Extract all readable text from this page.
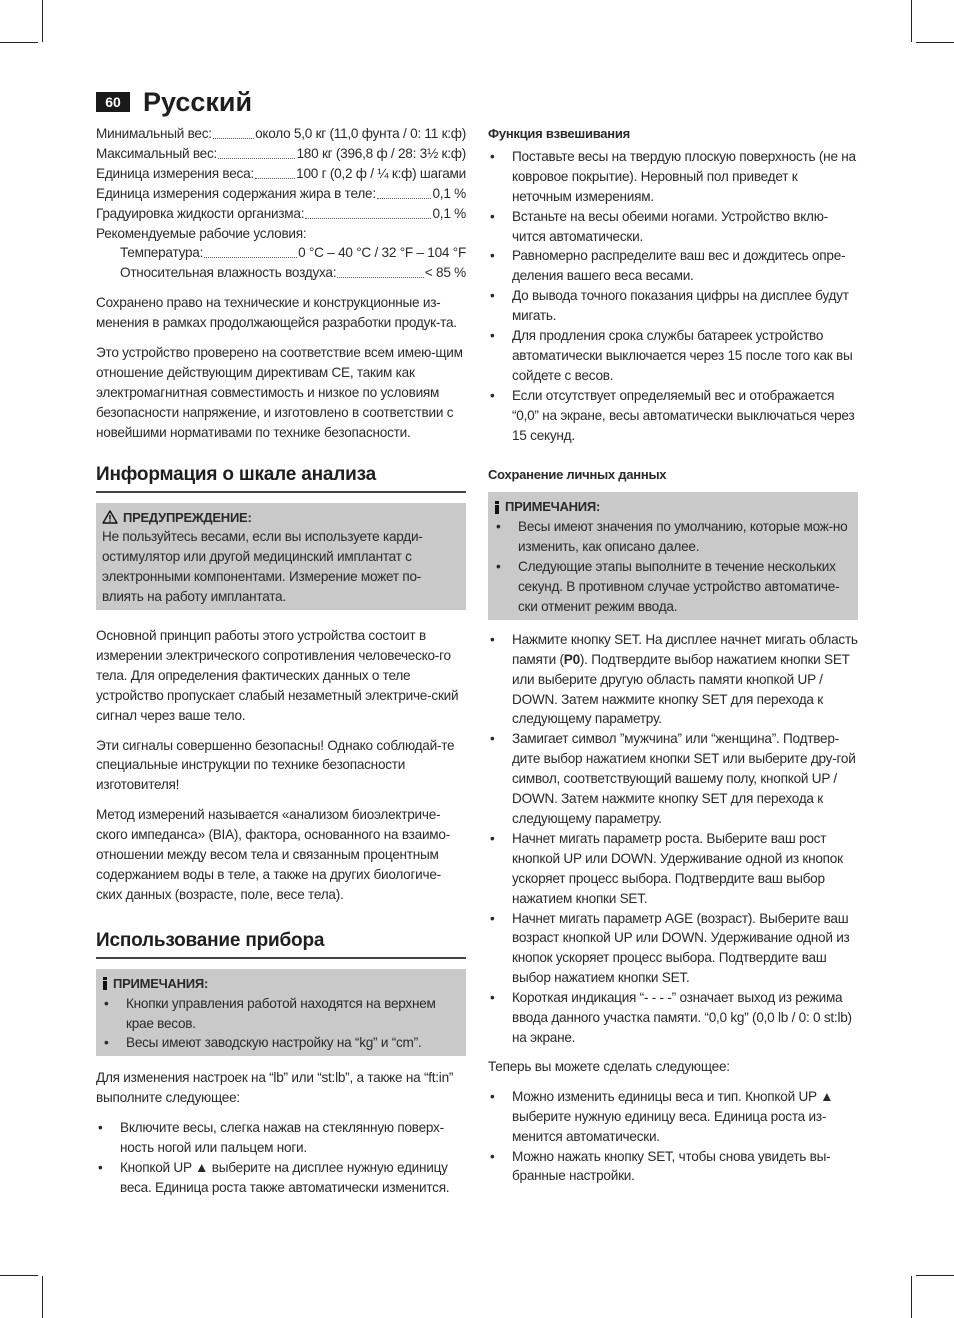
60 Русский
Минимальный вес:	около 5,0 кг (11,0 фунта / 0: 11 к:ф)
Максимальный вес:	180 кг (396,8 ф / 28: 3½ к:ф)
Единица измерения веса:	100 г (0,2 ф / ¼ к:ф) шагами
Единица измерения содержания жира в теле:	0,1 %
Градуировка жидкости организма:	0,1 %
Рекомендуемые рабочие условия:
Температура:	0 °C – 40 °C / 32 °F – 104 °F
Относительная влажность воздуха:	< 85 %

Сохранено право на технические и конструкционные из-менения в рамках продолжающейся разработки продук-та.

Это устройство проверено на соответствие всем имею-щим отношение действующим директивам CE, таким как электромагнитная совместимость и низкое по условиям безопасности напряжение, и изготовлено в соответствии с новейшими нормативами по технике безопасности.

Информация о шкале анализа
ПРЕДУПРЕЖДЕНИЕ:
Не пользуйтесь весами, если вы используете карди-остимулятор или другой медицинский имплантат с электронными компонентами. Измерение может по-влиять на работу имплантата.

Основной принцип работы этого устройства состоит в измерении электрического сопротивления человеческо-го тела. Для определения фактических данных о теле устройство пропускает слабый незаметный электриче-ский сигнал через ваше тело.

Эти сигналы совершенно безопасны! Однако соблюдай-те специальные инструкции по технике безопасности изготовителя!

Метод измерений называется «анализом биоэлектриче-ского импеданса» (BIA), фактора, основанного на взаимо-отношении между весом тела и связанным процентным содержанием воды в теле, а также на других биологиче-ских данных (возрасте, поле, весе тела).

Использование прибора
ПРИМЕЧАНИЯ:
• Кнопки управления работой находятся на верхнем крае весов.
• Весы имеют заводскую настройку на “kg” и “cm”.

Для изменения настроек на “lb” или “st:lb”, а также на “ft:in” выполните следующее:

• Включите весы, слегка нажав на стеклянную поверх-ность ногой или пальцем ноги.
• Кнопкой UP ▲ выберите на дисплее нужную единицу веса. Единица роста также автоматически изменится.
Функция взвешивания
• Поставьте весы на твердую плоскую поверхность (не на ковровое покрытие). Неровный пол приведет к неточным измерениям.
• Встаньте на весы обеими ногами. Устройство вклю-чится автоматически.
• Равномерно распределите ваш вес и дождитесь опре-деления вашего веса весами.
• До вывода точного показания цифры на дисплее будут мигать.
• Для продления срока службы батареек устройство автоматически выключается через 15 после того как вы сойдете с весов.
• Если отсутствует определяемый вес и отображается “0,0” на экране, весы автоматически выключаться через 15 секунд.
Сохранение личных данных
ПРИМЕЧАНИЯ:
• Весы имеют значения по умолчанию, которые мож-но изменить, как описано далее.
• Следующие этапы выполните в течение нескольких секунд. В противном случае устройство автоматиче-ски отменит режим ввода.
• Нажмите кнопку SET. На дисплее начнет мигать область памяти (P0). Подтвердите выбор нажатием кнопки SET или выберите другую область памяти кнопкой UP / DOWN. Затем нажмите кнопку SET для перехода к следующему параметру.
• Замигает символ ”мужчина” или “женщина”. Подтвер-дите выбор нажатием кнопки SET или выберите дру-гой символ, соответствующий вашему полу, кнопкой UP / DOWN. Затем нажмите кнопку SET для перехода к следующему параметру.
• Начнет мигать параметр роста. Выберите ваш рост кнопкой UP или DOWN. Удерживание одной из кнопок ускоряет процесс выбора. Подтвердите ваш выбор нажатием кнопки SET.
• Начнет мигать параметр AGE (возраст). Выберите ваш возраст кнопкой UP или DOWN. Удерживание одной из кнопок ускоряет процесс выбора. Подтвердите ваш выбор нажатием кнопки SET.
• Короткая индикация “- - - -” означает выход из режима ввода данного участка памяти. “0,0 kg” (0,0 lb / 0: 0 st:lb) на экране.

Теперь вы можете сделать следующее:

• Можно изменить единицы веса и тип. Кнопкой UP ▲ выберите нужную единицу веса. Единица роста из-менится автоматически.
• Можно нажать кнопку SET, чтобы снова увидеть вы-бранные настройки.
